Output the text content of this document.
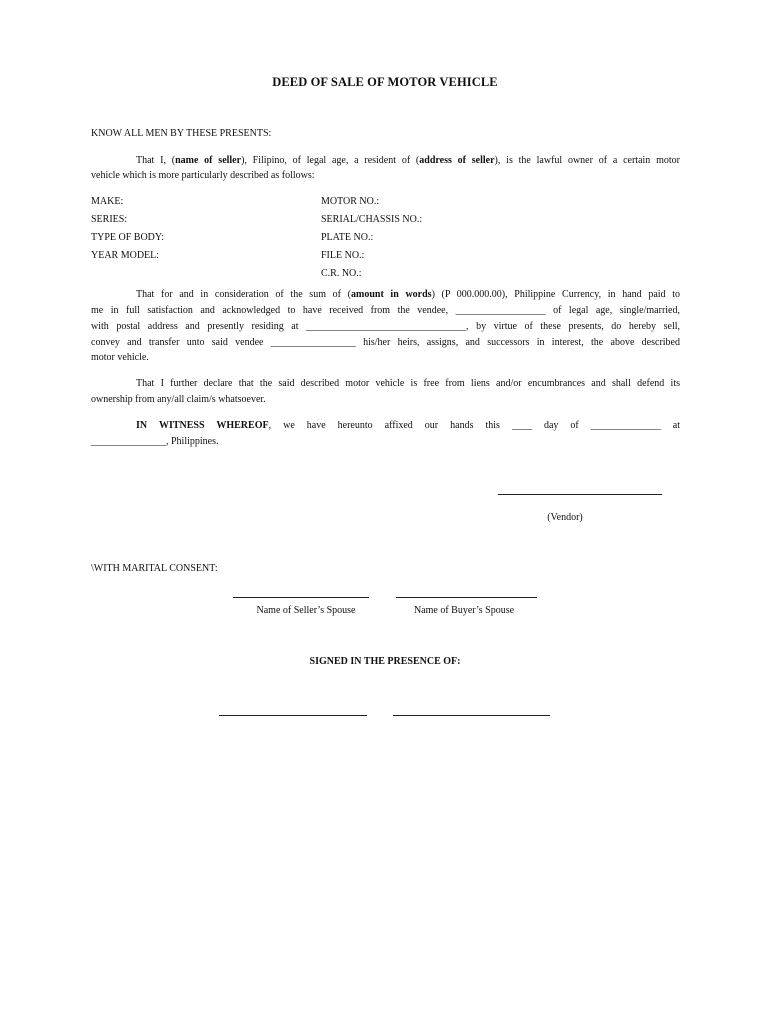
DEED OF SALE OF MOTOR VEHICLE
KNOW ALL MEN BY THESE PRESENTS:
That I, (name of seller), Filipino, of legal age, a resident of (address of seller), is the lawful owner of a certain motor
vehicle which is more particularly described as follows:
MAKE:
SERIES:
TYPE OF BODY:
YEAR MODEL:
MOTOR NO.:
SERIAL/CHASSIS NO.:
PLATE NO.:
FILE NO.:
C.R. NO.:
That for and in consideration of the sum of (amount in words) (P 000.000.00), Philippine Currency, in hand paid to
me in full satisfaction and acknowledged to have received from the vendee, __________________ of legal age, single/married,
with postal address and presently residing at ________________________________, by virtue of these presents, do hereby sell,
convey and transfer unto said vendee _________________ his/her heirs, assigns, and successors in interest, the above described
motor vehicle.
That I further declare that the said described motor vehicle is free from liens and/or encumbrances and shall defend its
ownership from any/all claim/s whatsoever.
IN WITNESS WHEREOF, we have hereunto affixed our hands this ____ day of ______________ at
_______________, Philippines.
(Vendor)
\WITH MARITAL CONSENT:
Name of Seller’s Spouse	Name of Buyer’s Spouse
SIGNED IN THE PRESENCE OF:
